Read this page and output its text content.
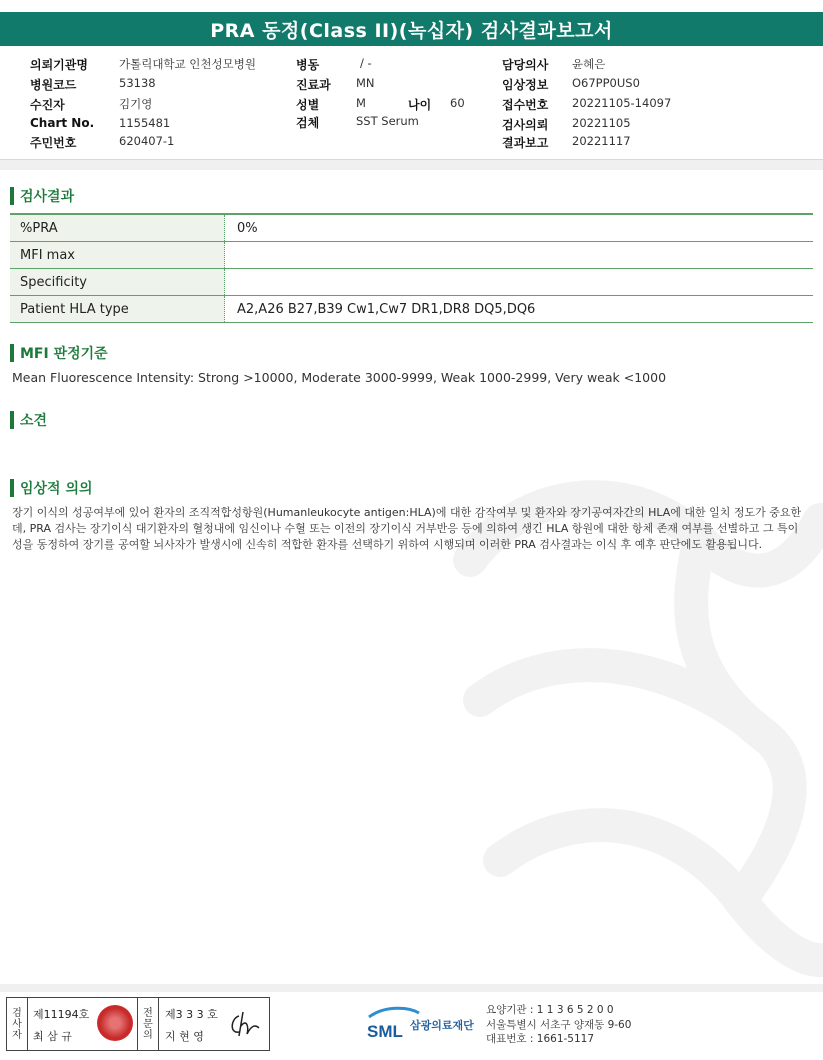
PRA 동정(Class II)(녹십자) 검사결과보고서
의뢰기관명	가톨릭대학교 인천성모병원
병원코드	53138
수진자	김기영
Chart No. 1155481
주민번호	620407-1
병동	/ -
진료과 MN
성별	M	나이 60
검체	SST Serum
담당의사 윤혜은
임상정보 O67PP0US0
접수번호 20221105-14097
검사의뢰 20221105
결과보고 20221117
검사결과
%PRA	0%
MFI max	
Specificity	
Patient HLA type	A2,A26 B27,B39 Cw1,Cw7 DR1,DR8 DQ5,DQ6
MFI 판정기준
Mean Fluorescence Intensity: Strong >10000, Moderate 3000-9999, Weak 1000-2999, Very weak <1000
소견
임상적 의의
장기 이식의 성공여부에 있어 환자의 조직적합성항원(Humanleukocyte antigen:HLA)에 대한 감작여부 및 환자와 장기공여자간의 HLA에 대한 일치 정도가 중요한데, PRA 검사는 장기이식 대기환자의 혈청내에 임신이나 수혈 또는 이전의 장기이식 거부반응 등에 의하여 생긴 HLA 항원에 대한 항체 존재 여부를 선별하고 그 특이성을 동정하여 장기를 공여할 뇌사자가 발생시에 신속히 적합한 환자를 선택하기 위하여 시행되며 이러한 PRA 검사결과는 이식 후 예후 판단에도 활용됩니다.
검
사
자
제11194호
최 삼 규
전
문
의
제3 3 3 호
지 현 영	SML 삼광의료재단
요양기관 : 1 1 3 6 5 2 0 0
서울특별시 서초구 양재동 9-60
대표번호 : 1661-5117
